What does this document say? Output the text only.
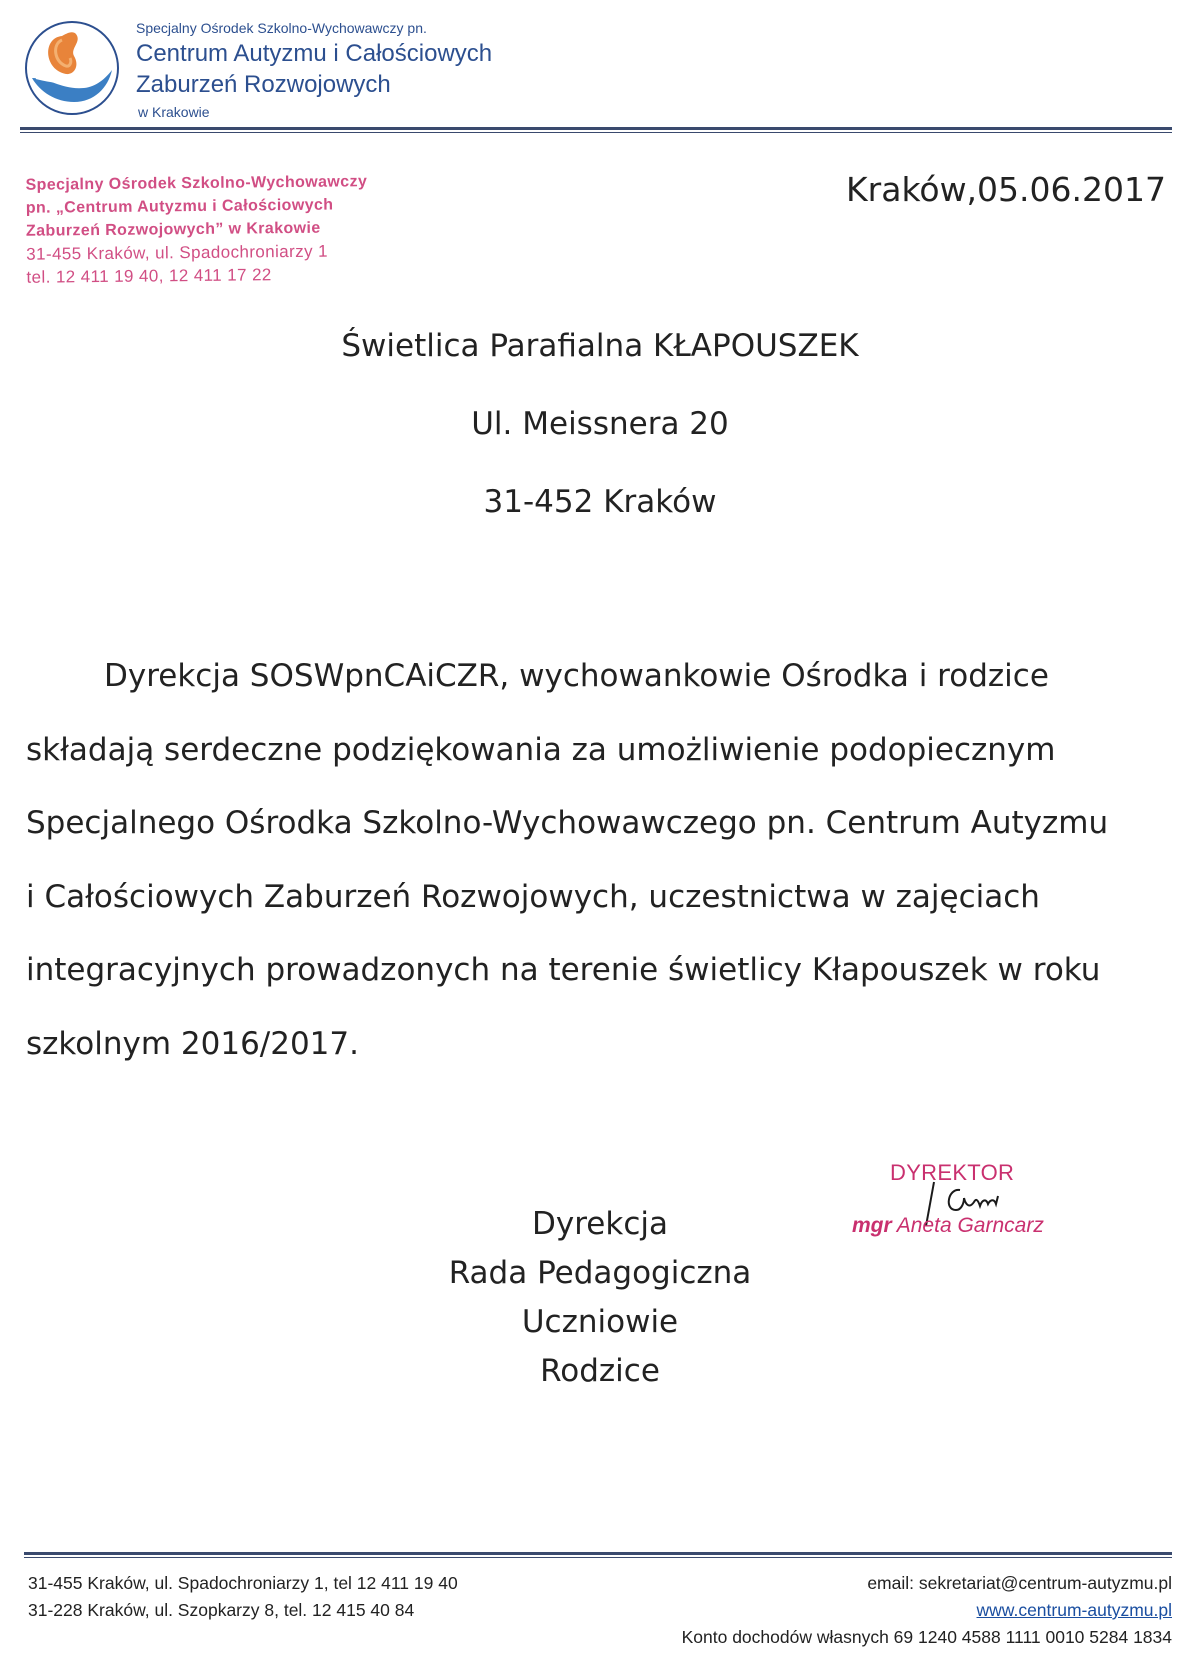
Specjalny Ośrodek Szkolno-Wychowawczy pn.
Centrum Autyzmu i Całościowych
Zaburzeń Rozwojowych
w Krakowie
Specjalny Ośrodek Szkolno-Wychowawczy
pn. „Centrum Autyzmu i Całościowych
Zaburzeń Rozwojowych” w Krakowie
31-455 Kraków, ul. Spadochroniarzy 1
tel. 12 411 19 40, 12 411 17 22
Kraków,05.06.2017
Świetlica Parafialna KŁAPOUSZEK
Ul. Meissnera 20
31-452 Kraków
Dyrekcja SOSWpnCAiCZR, wychowankowie Ośrodka i rodzice
składają serdeczne podziękowania za umożliwienie podopiecznym
Specjalnego Ośrodka Szkolno-Wychowawczego pn. Centrum Autyzmu
i Całościowych Zaburzeń Rozwojowych, uczestnictwa w zajęciach
integracyjnych prowadzonych na terenie świetlicy Kłapouszek w roku
szkolnym 2016/2017.
DYREKTOR
mgr Aneta Garncarz
Dyrekcja
Rada Pedagogiczna
Uczniowie
Rodzice
31-455 Kraków, ul. Spadochroniarzy 1, tel 12 411 19 40
31-228 Kraków, ul. Szopkarzy 8, tel. 12 415 40 84
email: sekretariat@centrum-autyzmu.pl
www.centrum-autyzmu.pl
Konto dochodów własnych 69 1240 4588 1111 0010 5284 1834
